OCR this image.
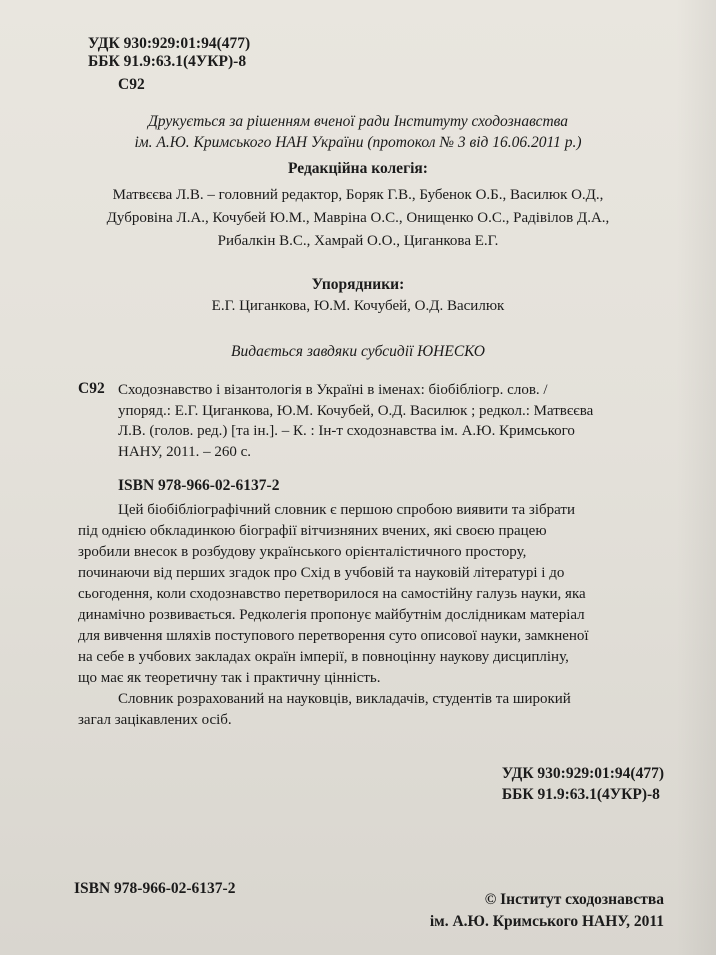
УДК 930:929:01:94(477)
ББК 91.9:63.1(4УКР)-8
С92
Друкується за рішенням вченої ради Інституту сходознавства
ім. А.Ю. Кримського НАН України (протокол № 3 від 16.06.2011 р.)
Редакційна колегія:
Матвєєва Л.В. – головний редактор, Боряк Г.В., Бубенок О.Б., Василюк О.Д.,
Дубровіна Л.А., Кочубей Ю.М., Мавріна О.С., Онищенко О.С., Радівілов Д.А.,
Рибалкін В.С., Хамрай О.О., Циганкова Е.Г.
Упорядники:
Е.Г. Циганкова, Ю.М. Кочубей, О.Д. Василюк
Видається завдяки субсидії ЮНЕСКО
С92 Сходознавство і візантологія в Україні в іменах: біобібліогр. слов. /
упоряд.: Е.Г. Циганкова, Ю.М. Кочубей, О.Д. Василюк ; редкол.: Матвєєва
Л.В. (голов. ред.) [та ін.]. – К. : Ін-т сходознавства ім. А.Ю. Кримського
НАНУ, 2011. – 260 с.
ISBN 978-966-02-6137-2
Цей біобібліографічний словник є першою спробою виявити та зібрати
під однією обкладинкою біографії вітчизняних вчених, які своєю працею
зробили внесок в розбудову українського орієнталістичного простору,
починаючи від перших згадок про Схід в учбовій та науковій літературі і до
сьогодення, коли сходознавство перетворилося на самостійну галузь науки, яка
динамічно розвивається. Редколегія пропонує майбутнім дослідникам матеріал
для вивчення шляхів поступового перетворення суто описової науки, замкненої
на себе в учбових закладах окраїн імперії, в повноцінну наукову дисципліну,
що має як теоретичну так і практичну цінність.
Словник розрахований на науковців, викладачів, студентів та широкий
загал зацікавлених осіб.
УДК 930:929:01:94(477)
ББК 91.9:63.1(4УКР)-8
ISBN 978-966-02-6137-2
© Інститут сходознавства
ім. А.Ю. Кримського НАНУ, 2011
